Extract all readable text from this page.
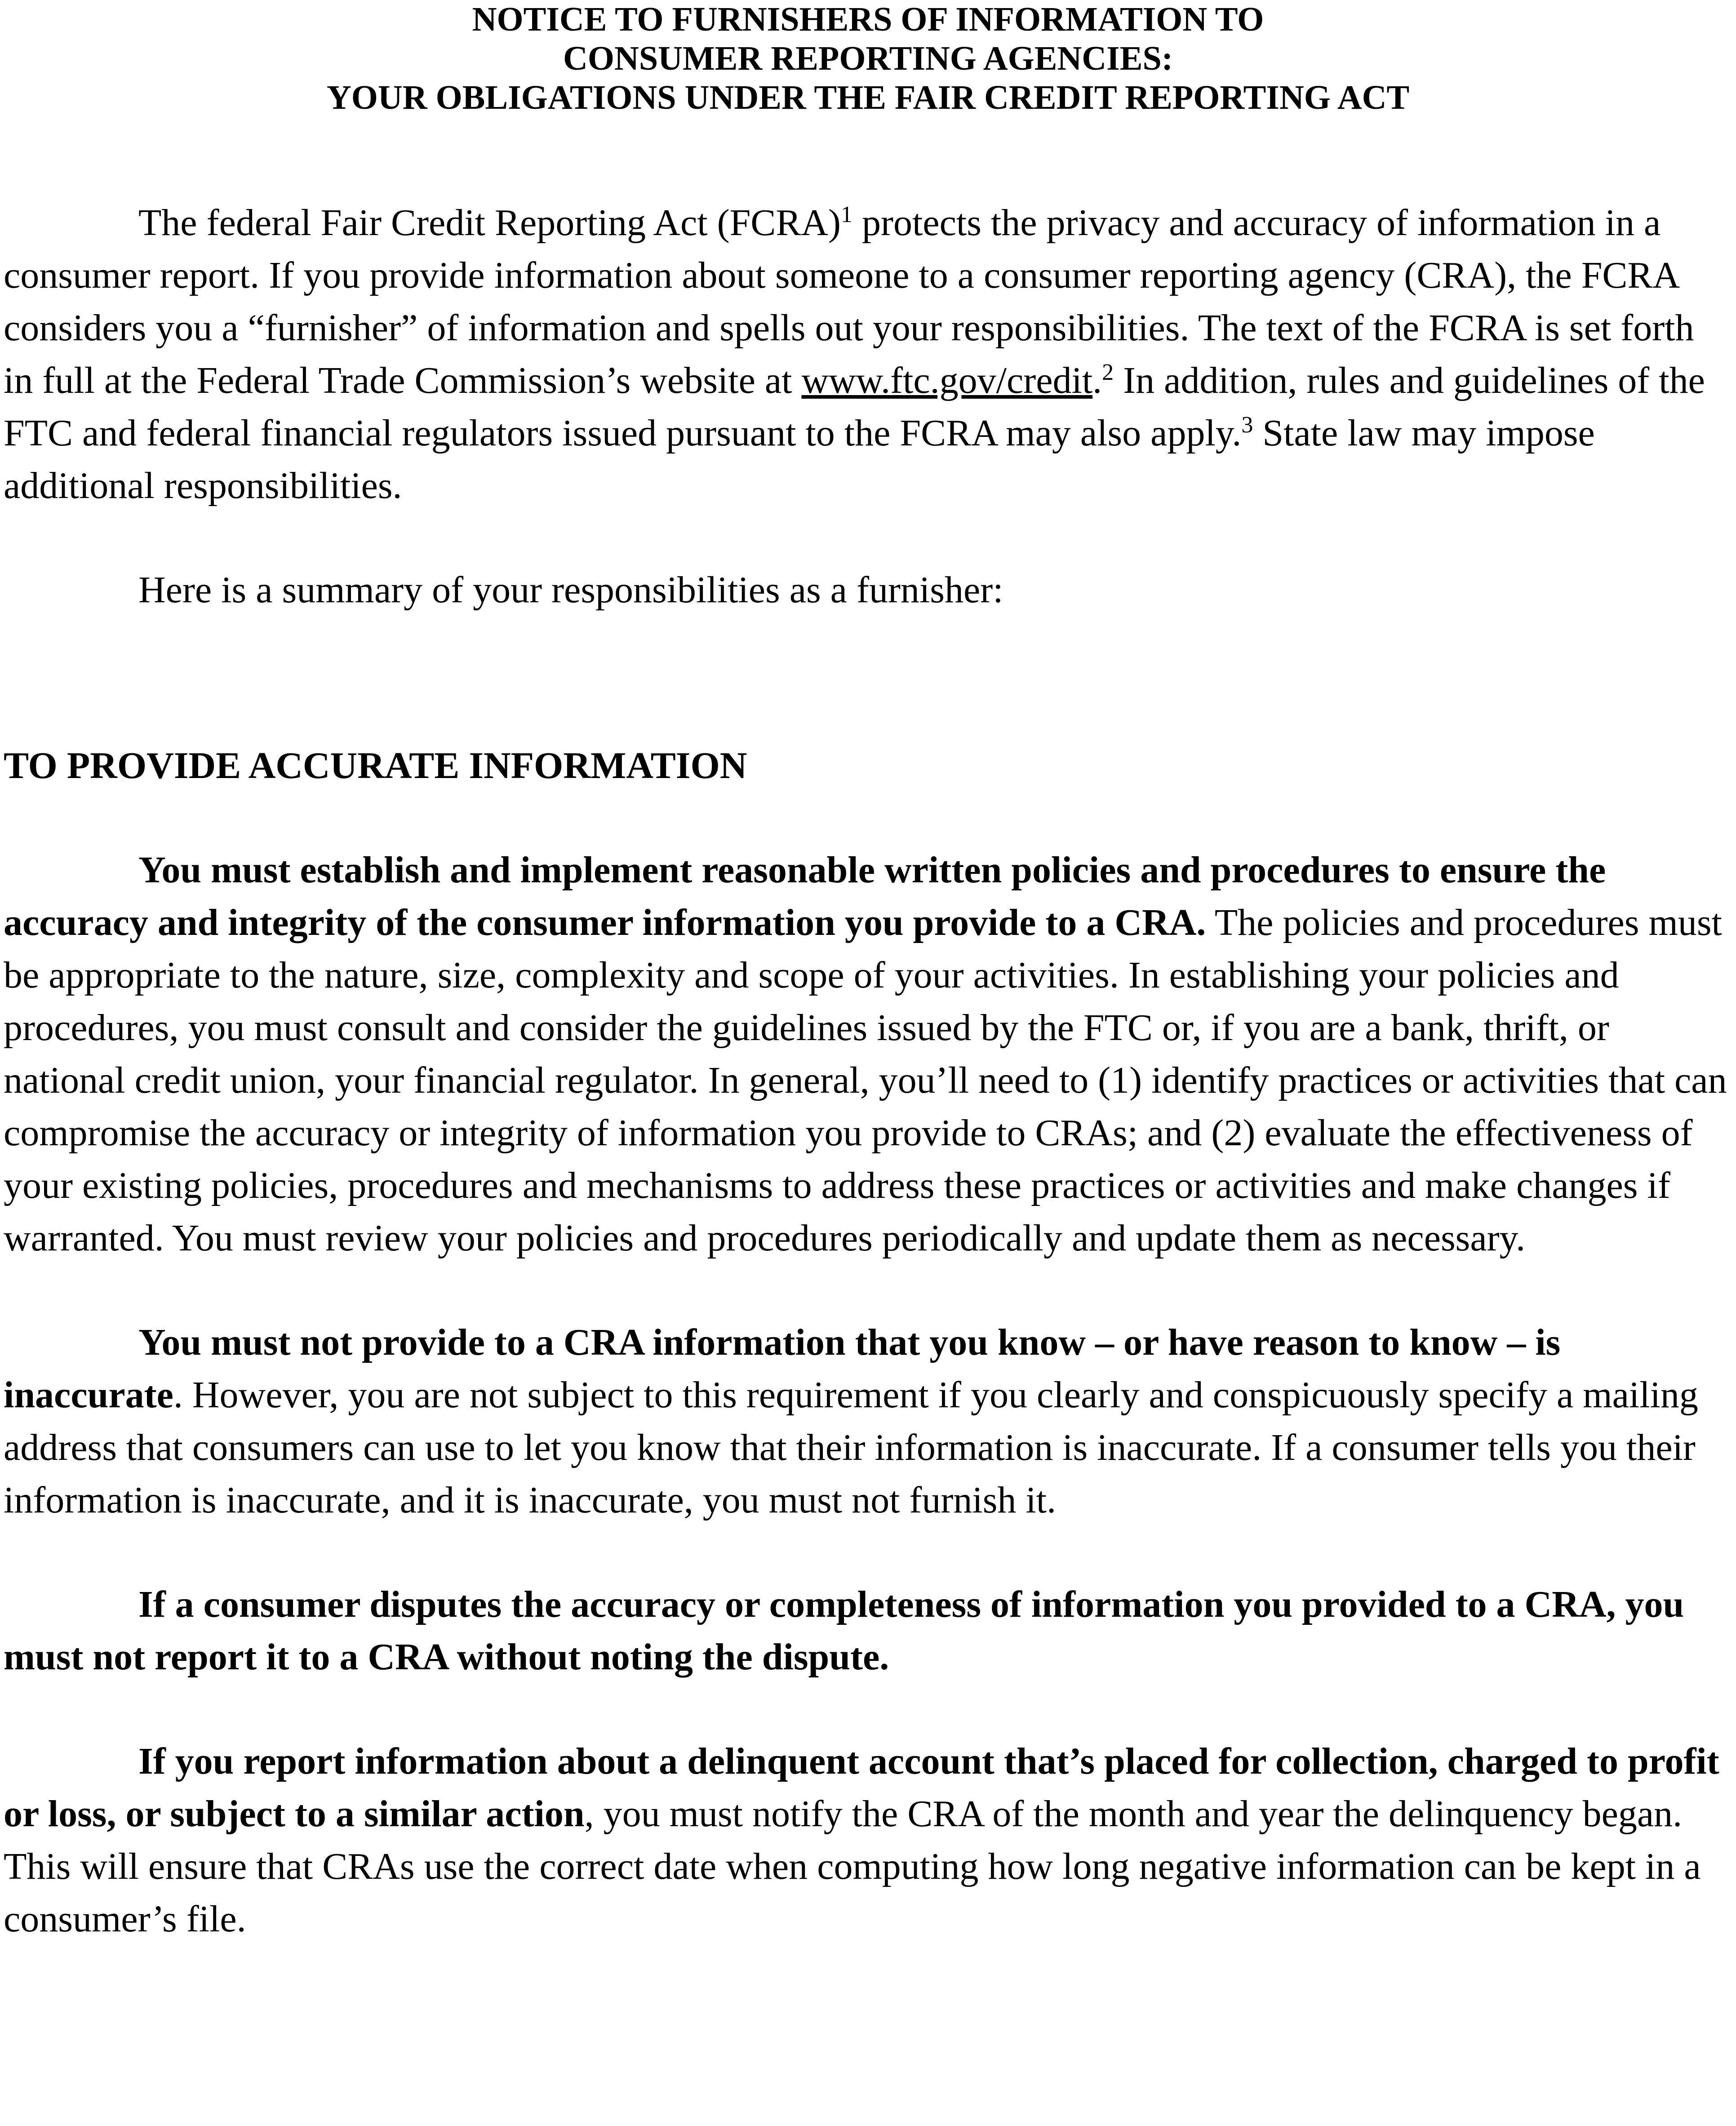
NOTICE TO FURNISHERS OF INFORMATION TO
CONSUMER REPORTING AGENCIES:
YOUR OBLIGATIONS UNDER THE FAIR CREDIT REPORTING ACT

The federal Fair Credit Reporting Act (FCRA)$^1$ protects the privacy and accuracy of information in a consumer report. If you provide information about someone to a consumer reporting agency (CRA), the FCRA considers you a “furnisher” of information and spells out your responsibilities. The text of the FCRA is set forth in full at the Federal Trade Commission’s website at www.ftc.gov/credit.$^2$ In addition, rules and guidelines of the FTC and federal financial regulators issued pursuant to the FCRA may also apply.$^3$ State law may impose additional responsibilities.

Here is a summary of your responsibilities as a furnisher:

TO PROVIDE ACCURATE INFORMATION

You must establish and implement reasonable written policies and procedures to ensure the accuracy and integrity of the consumer information you provide to a CRA. The policies and procedures must be appropriate to the nature, size, complexity and scope of your activities. In establishing your policies and procedures, you must consult and consider the guidelines issued by the FTC or, if you are a bank, thrift, or national credit union, your financial regulator. In general, you’ll need to (1) identify practices or activities that can compromise the accuracy or integrity of information you provide to CRAs; and (2) evaluate the effectiveness of your existing policies, procedures and mechanisms to address these practices or activities and make changes if warranted. You must review your policies and procedures periodically and update them as necessary.

You must not provide to a CRA information that you know – or have reason to know – is inaccurate. However, you are not subject to this requirement if you clearly and conspicuously specify a mailing address that consumers can use to let you know that their information is inaccurate. If a consumer tells you their information is inaccurate, and it is inaccurate, you must not furnish it.

If a consumer disputes the accuracy or completeness of information you provided to a CRA, you must not report it to a CRA without noting the dispute.

If you report information about a delinquent account that’s placed for collection, charged to profit or loss, or subject to a similar action, you must notify the CRA of the month and year the delinquency began. This will ensure that CRAs use the correct date when computing how long negative information can be kept in a consumer’s file.
